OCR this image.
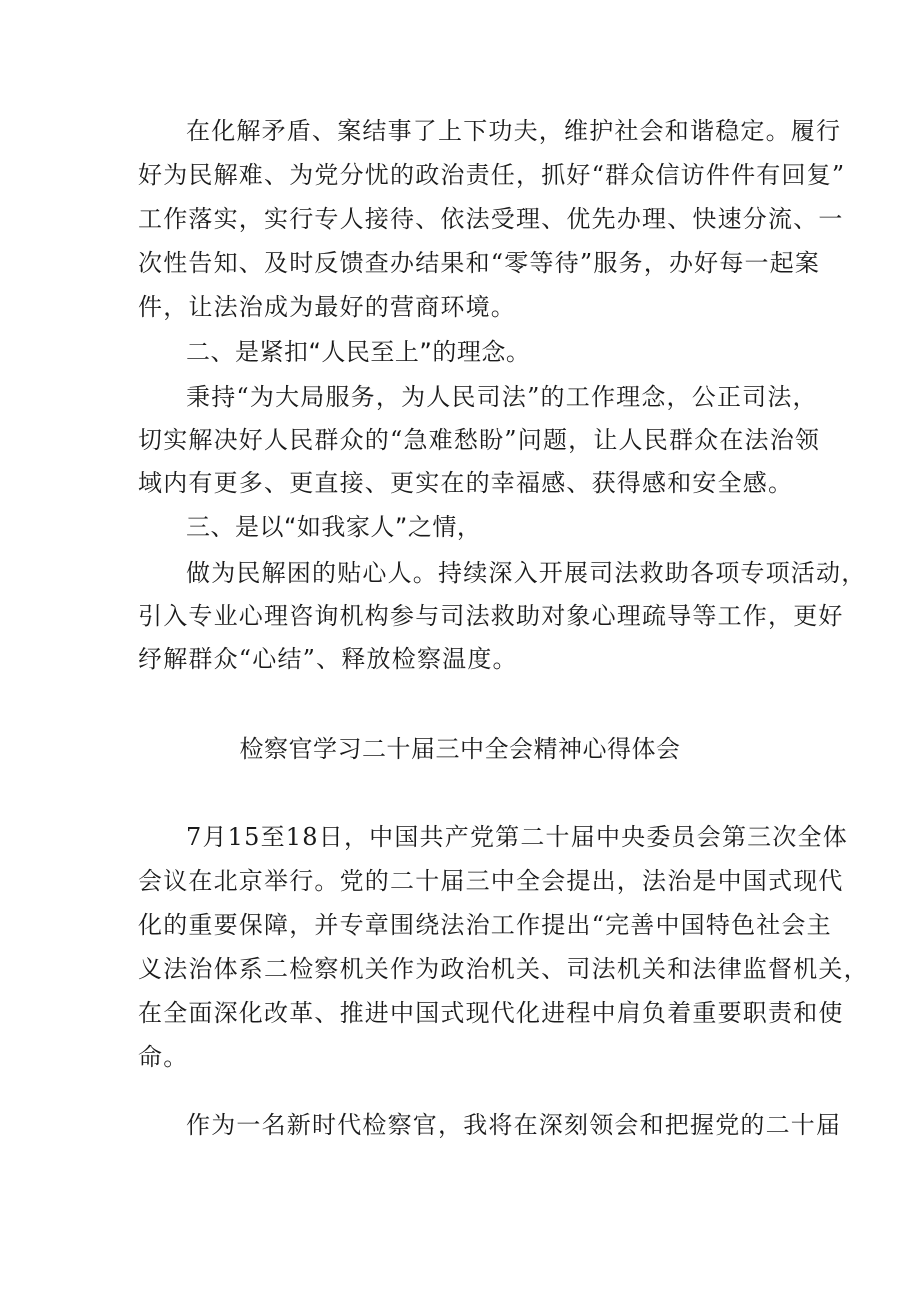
在化解矛盾、案结事了上下功夫，维护社会和谐稳定。履行
好为民解难、为党分忧的政治责任，抓好“群众信访件件有回复”
工作落实，实行专人接待、依法受理、优先办理、快速分流、一
次性告知、及时反馈查办结果和“零等待”服务，办好每一起案
件，让法治成为最好的营商环境。
二、是紧扣“人民至上”的理念。
秉持“为大局服务，为人民司法”的工作理念，公正司法，
切实解决好人民群众的“急难愁盼”问题，让人民群众在法治领
域内有更多、更直接、更实在的幸福感、获得感和安全感。
三、是以“如我家人”之情，
做为民解困的贴心人。持续深入开展司法救助各项专项活动，
引入专业心理咨询机构参与司法救助对象心理疏导等工作，更好
纾解群众“心结”、释放检察温度。
检察官学习二十届三中全会精神心得体会
7月15至18日，中国共产党第二十届中央委员会第三次全体
会议在北京举行。党的二十届三中全会提出，法治是中国式现代
化的重要保障，并专章围绕法治工作提出“完善中国特色社会主
义法治体系二检察机关作为政治机关、司法机关和法律监督机关，
在全面深化改革、推进中国式现代化进程中肩负着重要职责和使
命。
作为一名新时代检察官，我将在深刻领会和把握党的二十届
